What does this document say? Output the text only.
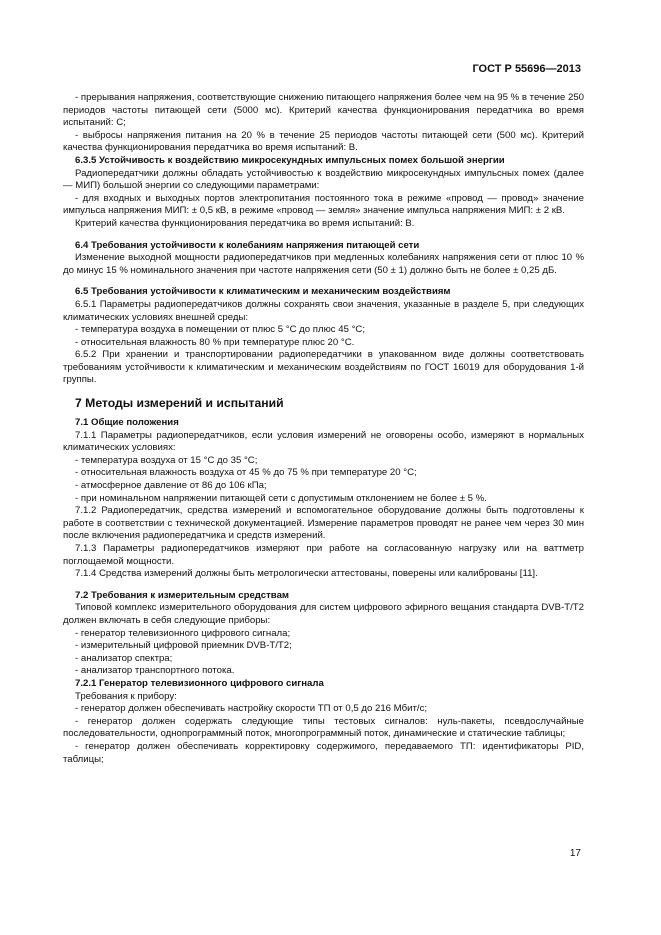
ГОСТ Р 55696—2013

- прерывания напряжения, соответствующие снижению питающего напряжения более чем на 95 % в течение 250 периодов частоты питающей сети (5000 мс). Критерий качества функционирования передатчика во время испытаний: С;

- выбросы напряжения питания на 20 % в течение 25 периодов частоты питающей сети (500 мс). Критерий качества функционирования передатчика во время испытаний: В.

6.3.5 Устойчивость к воздействию микросекундных импульсных помех большой энергии

Радиопередатчики должны обладать устойчивостью к воздействию микросекундных импульсных помех (далее — МИП) большой энергии со следующими параметрами:

- для входных и выходных портов электропитания постоянного тока в режиме «провод — провод» значение импульса напряжения МИП: ± 0,5 кВ, в режиме «провод — земля» значение импульса напряжения МИП: ± 2 кВ.

Критерий качества функционирования передатчика во время испытаний: В.

6.4 Требования устойчивости к колебаниям напряжения питающей сети

Изменение выходной мощности радиопередатчиков при медленных колебаниях напряжения сети от плюс 10 % до минус 15 % номинального значения при частоте напряжения сети (50 ± 1) должно быть не более ± 0,25 дБ.

6.5 Требования устойчивости к климатическим и механическим воздействиям

6.5.1 Параметры радиопередатчиков должны сохранять свои значения, указанные в разделе 5, при следующих климатических условиях внешней среды:

- температура воздуха в помещении от плюс 5 °С до плюс 45 °С;

- относительная влажность 80 % при температуре плюс 20 °С.

6.5.2 При хранении и транспортировании радиопередатчики в упакованном виде должны соответствовать требованиям устойчивости к климатическим и механическим воздействиям по ГОСТ 16019 для оборудования 1-й группы.

7 Методы измерений и испытаний

7.1 Общие положения

7.1.1 Параметры радиопередатчиков, если условия измерений не оговорены особо, измеряют в нормальных климатических условиях:

- температура воздуха от 15 °С до 35 °С;

- относительная влажность воздуха от 45 % до 75 % при температуре 20 °С;

- атмосферное давление от 86 до 106 кПа;

- при номинальном напряжении питающей сети с допустимым отклонением не более ± 5 %.

7.1.2 Радиопередатчик, средства измерений и вспомогательное оборудование должны быть подготовлены к работе в соответствии с технической документацией. Измерение параметров проводят не ранее чем через 30 мин после включения радиопередатчика и средств измерений.

7.1.3 Параметры радиопередатчиков измеряют при работе на согласованную нагрузку или на ваттметр поглощаемой мощности.

7.1.4 Средства измерений должны быть метрологически аттестованы, поверены или калиброваны [11].

7.2 Требования к измерительным средствам

Типовой комплекс измерительного оборудования для систем цифрового эфирного вещания стандарта DVB-T/T2 должен включать в себя следующие приборы:

- генератор телевизионного цифрового сигнала;

- измерительный цифровой приемник DVB-T/T2;

- анализатор спектра;

- анализатор транспортного потока.

7.2.1 Генератор телевизионного цифрового сигнала

Требования к прибору:

- генератор должен обеспечивать настройку скорости ТП от 0,5 до 216 Мбит/с;

- генератор должен содержать следующие типы тестовых сигналов: нуль-пакеты, псевдослучайные последовательности, однопрограммный поток, многопрограммный поток, динамические и статические таблицы;

- генератор должен обеспечивать корректировку содержимого, передаваемого ТП: идентификаторы PID, таблицы;

17
